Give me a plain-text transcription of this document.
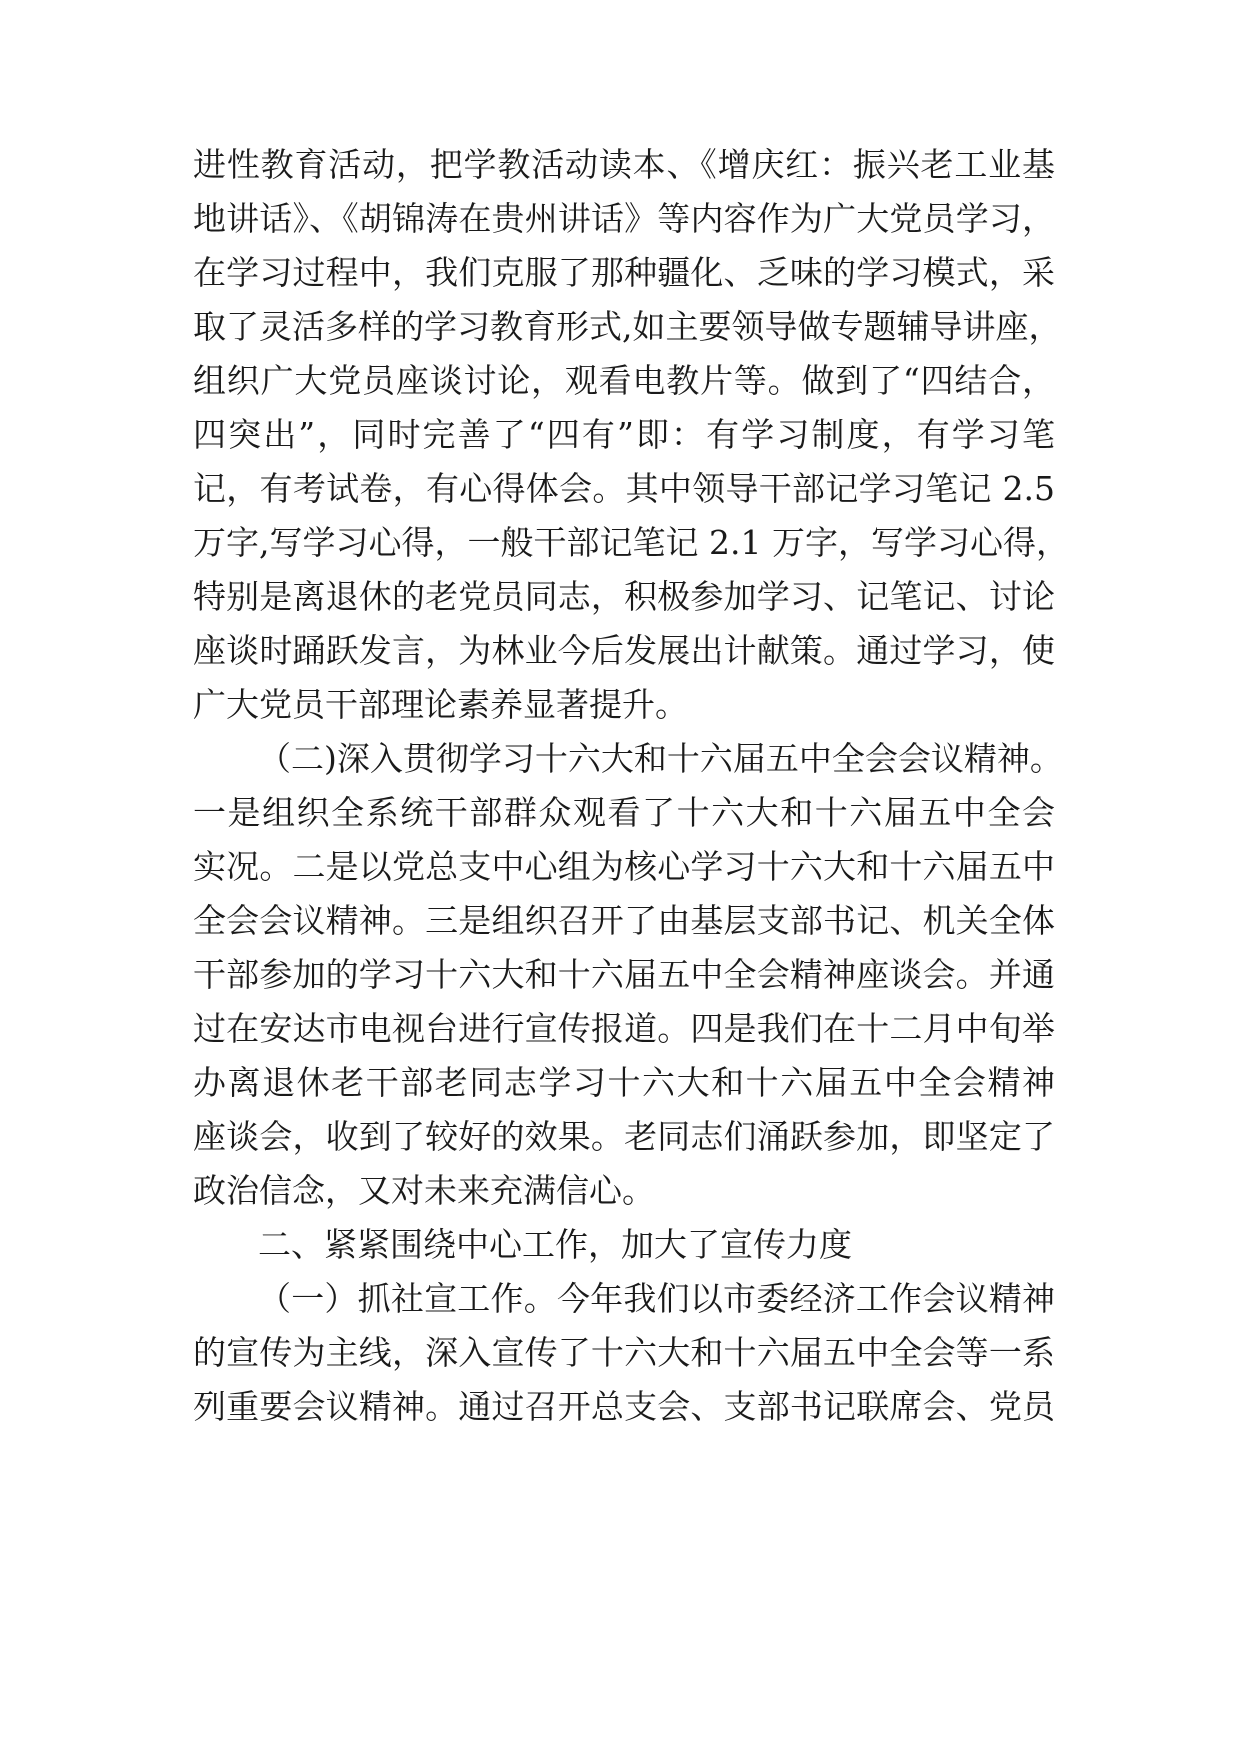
进性教育活动，把学教活动读本、《增庆红：振兴老工业基
地讲话》、《胡锦涛在贵州讲话》等内容作为广大党员学习，
在学习过程中，我们克服了那种疆化、乏味的学习模式，采
取了灵活多样的学习教育形式,如主要领导做专题辅导讲座，
组织广大党员座谈讨论，观看电教片等。做到了“四结合，
四突出”，同时完善了“四有”即：有学习制度，有学习笔
记，有考试卷，有心得体会。其中领导干部记学习笔记 2.5
万字,写学习心得，一般干部记笔记 2.1 万字，写学习心得，
特别是离退休的老党员同志，积极参加学习、记笔记、讨论
座谈时踊跃发言，为林业今后发展出计献策。通过学习，使
广大党员干部理论素养显著提升。
（二)深入贯彻学习十六大和十六届五中全会会议精神。
一是组织全系统干部群众观看了十六大和十六届五中全会
实况。二是以党总支中心组为核心学习十六大和十六届五中
全会会议精神。三是组织召开了由基层支部书记、机关全体
干部参加的学习十六大和十六届五中全会精神座谈会。并通
过在安达市电视台进行宣传报道。四是我们在十二月中旬举
办离退休老干部老同志学习十六大和十六届五中全会精神
座谈会，收到了较好的效果。老同志们涌跃参加，即坚定了
政治信念，又对未来充满信心。
二、紧紧围绕中心工作，加大了宣传力度
（一）抓社宣工作。今年我们以市委经济工作会议精神
的宣传为主线，深入宣传了十六大和十六届五中全会等一系
列重要会议精神。通过召开总支会、支部书记联席会、党员
